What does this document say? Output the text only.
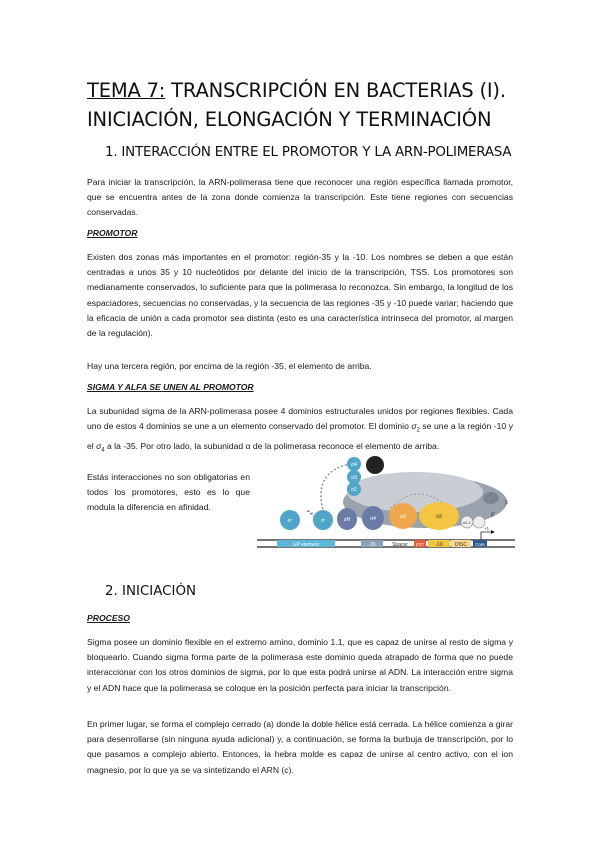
TEMA 7: TRANSCRIPCIÓN EN BACTERIAS (I).
INICIACIÓN, ELONGACIÓN Y TERMINACIÓN
1. INTERACCIÓN ENTRE EL PROMOTOR Y LA ARN-POLIMERASA

Para iniciar la transcripción, la ARN-polimerasa tiene que reconocer una región específica llamada promotor, que se encuentra antes de la zona donde comienza la transcripción. Este tiene regiones con secuencias conservadas.

PROMOTOR

Existen dos zonas más importantes en el promotor: región-35 y la -10. Los nombres se deben a que están centradas a unos 35 y 10 nucleótidos por delante del inicio de la transcripción, TSS. Los promotores son medianamente conservados, lo suficiente para que la polimerasa lo reconozca. Sin embargo, la longitud de los espaciadores, secuencias no conservadas, y la secuencia de las regiones -35 y -10 puede variar; haciendo que la eficacia de unión a cada promotor sea distinta (esto es una característica intrínseca del promotor, al margen de la regulación).

Hay una tercera región, por encima de la región -35, el elemento de arriba.

SIGMA Y ALFA SE UNEN AL PROMOTOR

La subunidad sigma de la ARN-polimerasa posee 4 dominios estructurales unidos por regiones flexibles. Cada uno de estos 4 dominios se une a un elemento conservado del promotor. El dominio $\sigma_2$ se une a la región -10 y el $\sigma_4$ a la -35. Por otro lado, la subunidad α de la polimerasa reconoce el elemento de arriba.

Estás interacciones no son obligatorias en todos los promotores, esto es lo que modula la diferencia en afinidad.

σ4
σ3
σ2
αⁱⁱ	αⁱ	αN	σ4	σ3	σ2
σ1.1
β'
β
UP element	-35	Spacer EXT -10 DISC Core
+1
2. INICIACIÓN

PROCESO

Sigma posee un dominio flexible en el extremo amino, dominio 1.1, que es capaz de unirse al resto de sigma y bloquearlo. Cuando sigma forma parte de la polimerasa este dominio queda atrapado de forma que no puede interaccionar con los otros dominios de sigma, por lo que esta podrá unirse al ADN. La interacción entre sigma y el ADN hace que la polimerasa se coloque en la posición perfecta para iniciar la transcripción.

En primer lugar, se forma el complejo cerrado (a) donde la doble hélice está cerrada. La hélice comienza a girar para desenrollarse (sin ninguna ayuda adicional) y, a continuación, se forma la burbuja de transcripción, por lo que pasamos a complejo abierto. Entonces, la hebra molde es capaz de unirse al centro activo, con el ion magnesio, por lo que ya se va sintetizando el ARN (c).
